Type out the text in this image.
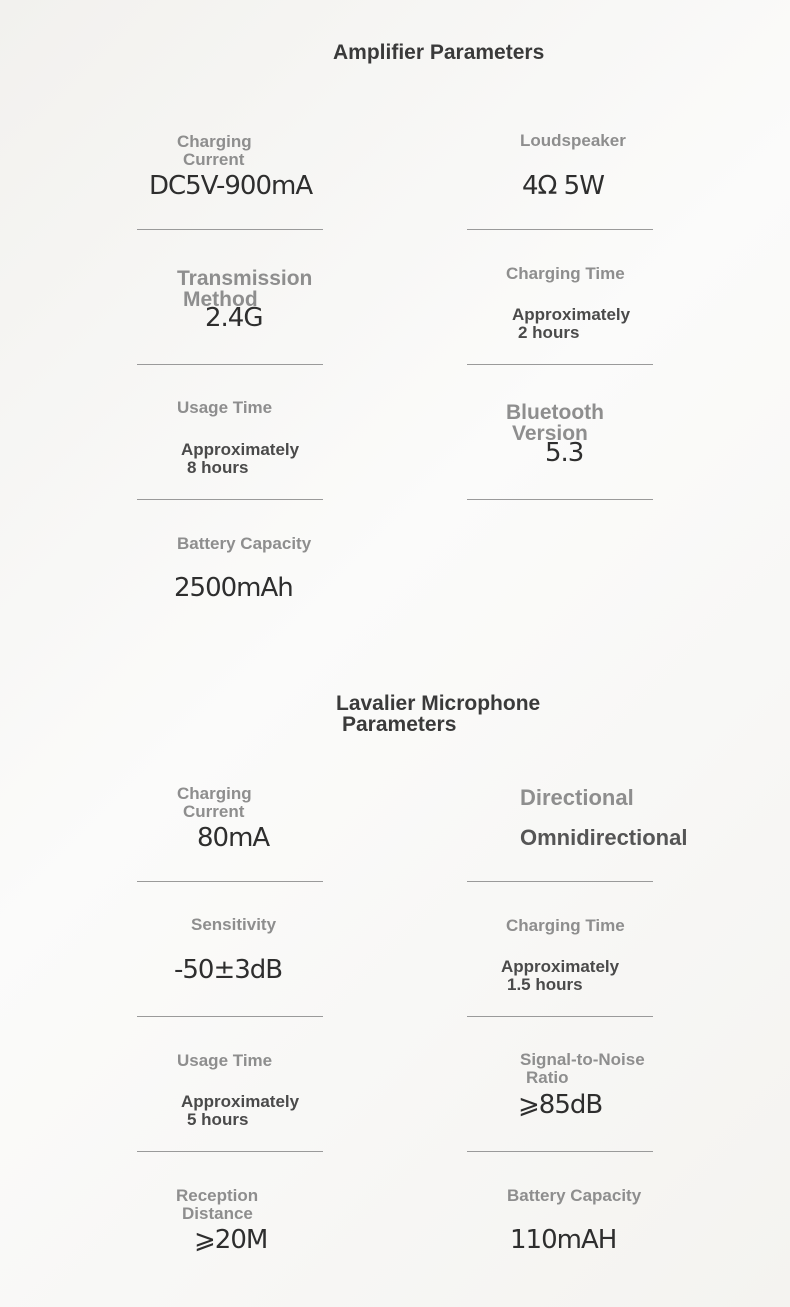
Amplifier Parameters
Charging
Current
DC5V-900mA
Loudspeaker
4Ω 5W
Transmission
Method
2.4G
Charging Time
Approximately
2 hours
Usage Time
Approximately
8 hours
Bluetooth
Version
5.3
Battery Capacity
2500mAh
Lavalier Microphone
Parameters
Charging
Current
80mA
Directional
Omnidirectional
Sensitivity
-50±3dB
Charging Time
Approximately
1.5 hours
Usage Time
Approximately
5 hours
Signal-to-Noise
Ratio
⩾85dB
Reception
Distance
⩾20M
Battery Capacity
110mAH
